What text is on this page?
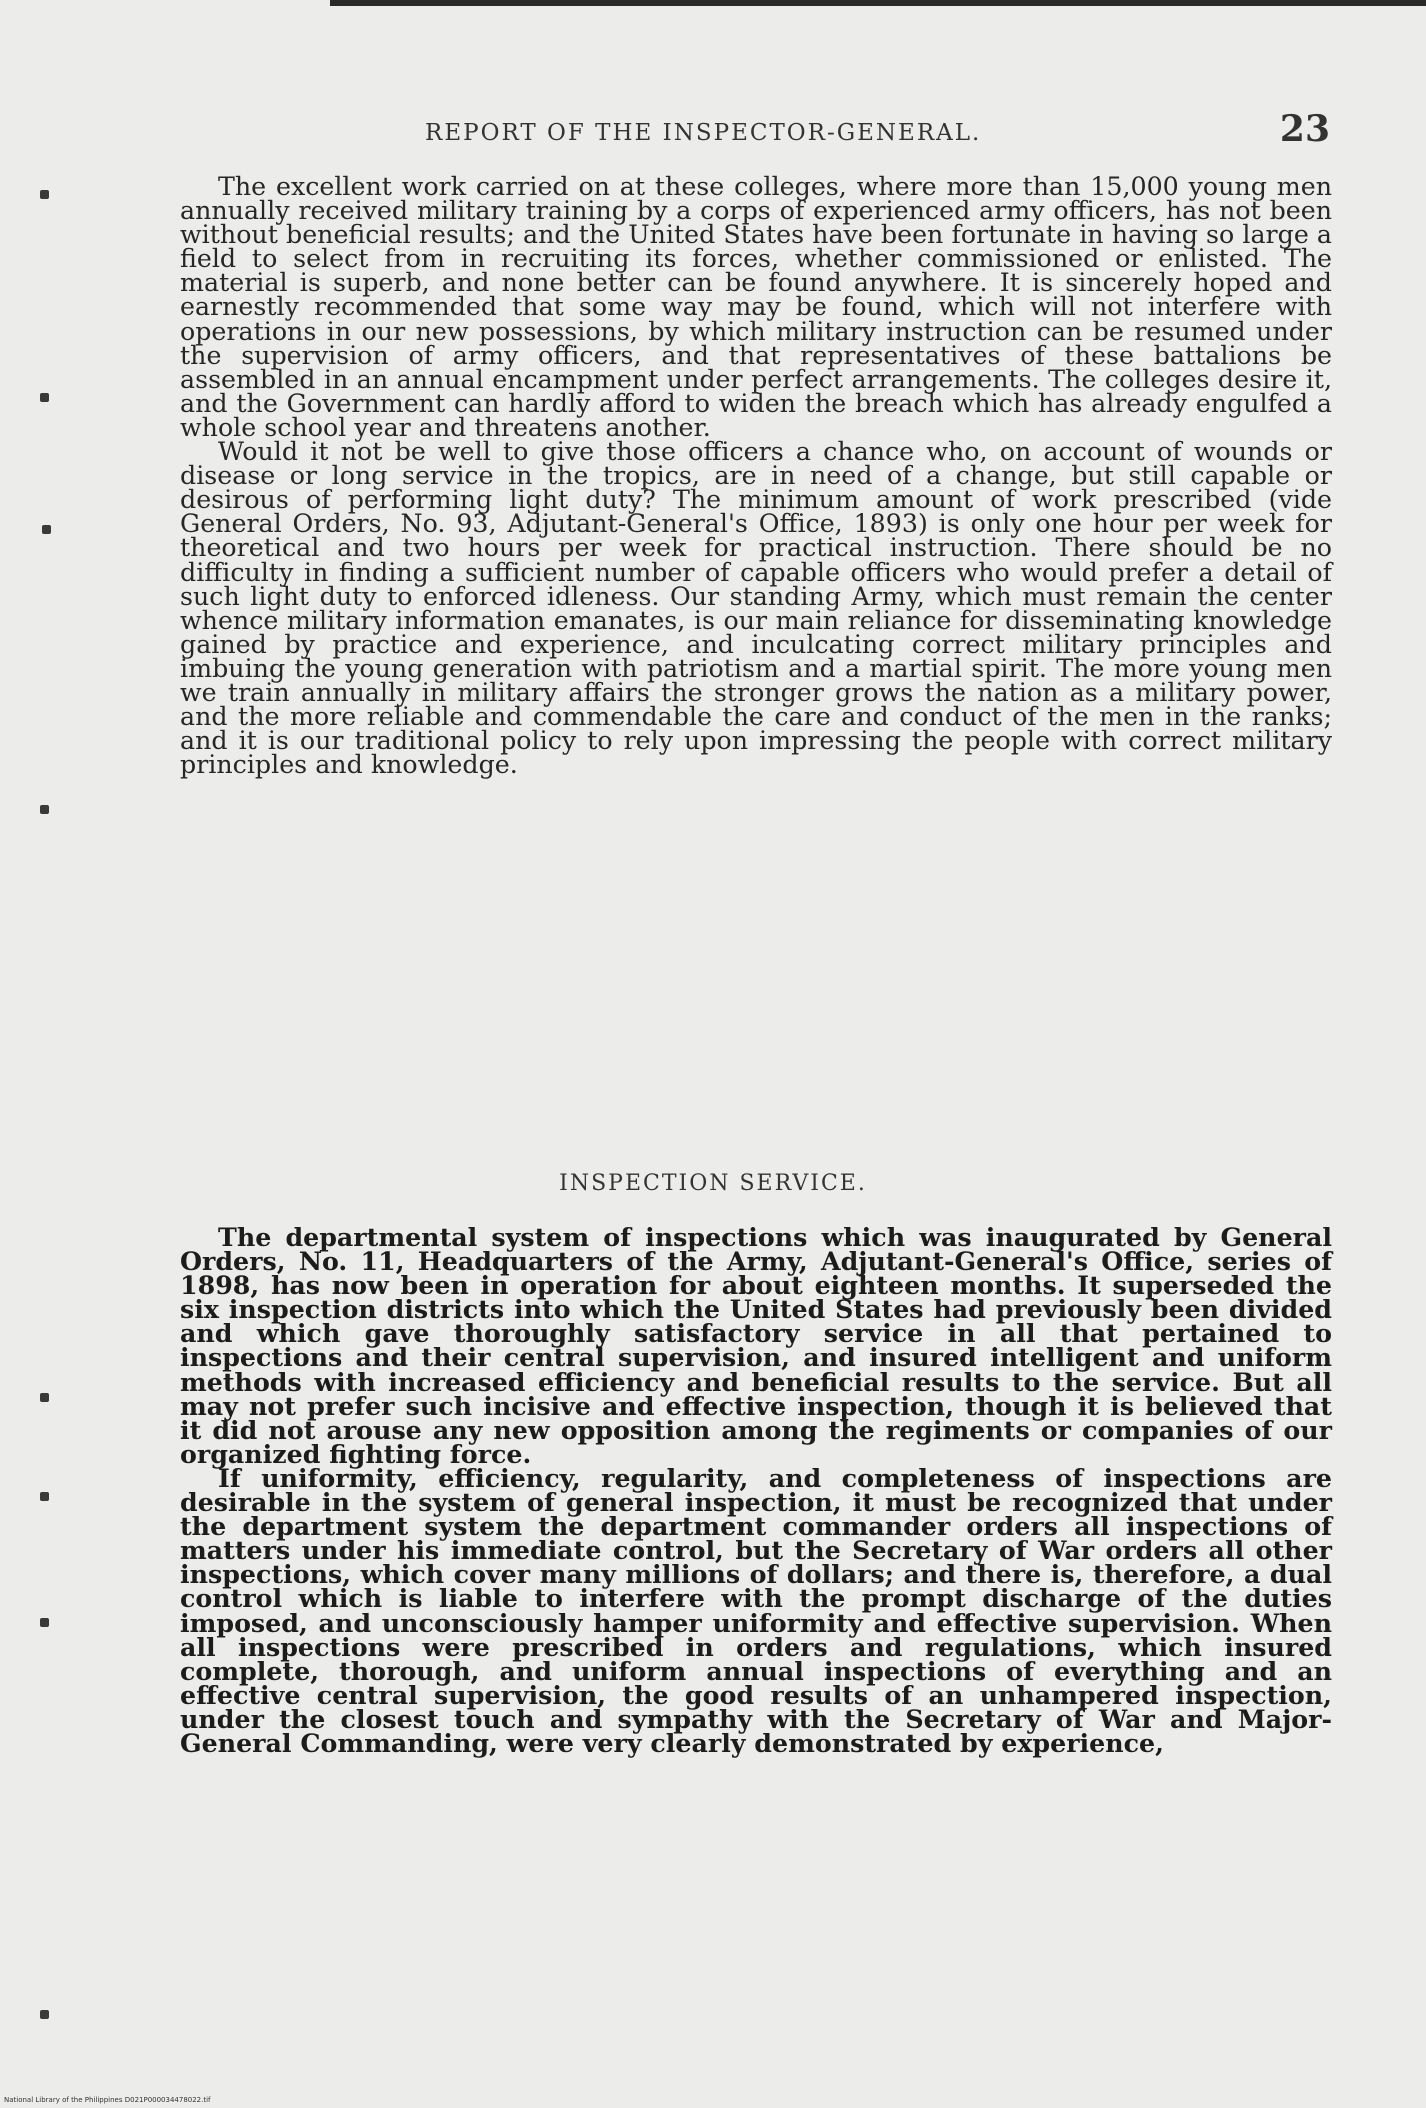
REPORT OF THE INSPECTOR-GENERAL.	23

The excellent work carried on at these colleges, where more than 15,000 young men annually received military training by a corps of experienced army officers, has not been without beneficial results; and the United States have been fortunate in having so large a field to select from in recruiting its forces, whether commissioned or enlisted. The material is superb, and none better can be found anywhere. It is sincerely hoped and earnestly recommended that some way may be found, which will not interfere with operations in our new possessions, by which military instruction can be resumed under the supervision of army officers, and that representatives of these battalions be assembled in an annual encampment under perfect arrangements. The colleges desire it, and the Government can hardly afford to widen the breach which has already engulfed a whole school year and threatens another.

Would it not be well to give those officers a chance who, on account of wounds or disease or long service in the tropics, are in need of a change, but still capable or desirous of performing light duty? The minimum amount of work prescribed (vide General Orders, No. 93, Adjutant-General's Office, 1893) is only one hour per week for theoretical and two hours per week for practical instruction. There should be no difficulty in finding a sufficient number of capable officers who would prefer a detail of such light duty to enforced idleness. Our standing Army, which must remain the center whence military information emanates, is our main reliance for disseminating knowledge gained by practice and experience, and inculcating correct military principles and imbuing the young generation with patriotism and a martial spirit. The more young men we train annually in military affairs the stronger grows the nation as a military power, and the more reliable and commendable the care and conduct of the men in the ranks; and it is our traditional policy to rely upon impressing the people with correct military principles and knowledge.

INSPECTION SERVICE.

The departmental system of inspections which was inaugurated by General Orders, No. 11, Headquarters of the Army, Adjutant-General's Office, series of 1898, has now been in operation for about eighteen months. It superseded the six inspection districts into which the United States had previously been divided and which gave thoroughly satisfactory service in all that pertained to inspections and their central supervision, and insured intelligent and uniform methods with increased efficiency and beneficial results to the service. But all may not prefer such incisive and effective inspection, though it is believed that it did not arouse any new opposition among the regiments or companies of our organized fighting force.

If uniformity, efficiency, regularity, and completeness of inspections are desirable in the system of general inspection, it must be recognized that under the department system the department commander orders all inspections of matters under his immediate control, but the Secretary of War orders all other inspections, which cover many millions of dollars; and there is, therefore, a dual control which is liable to interfere with the prompt discharge of the duties imposed, and unconsciously hamper uniformity and effective supervision. When all inspections were prescribed in orders and regulations, which insured complete, thorough, and uniform annual inspections of everything and an effective central supervision, the good results of an unhampered inspection, under the closest touch and sympathy with the Secretary of War and Major-General Commanding, were very clearly demonstrated by experience,

National Library of the Philippines D021P000034478022.tif
